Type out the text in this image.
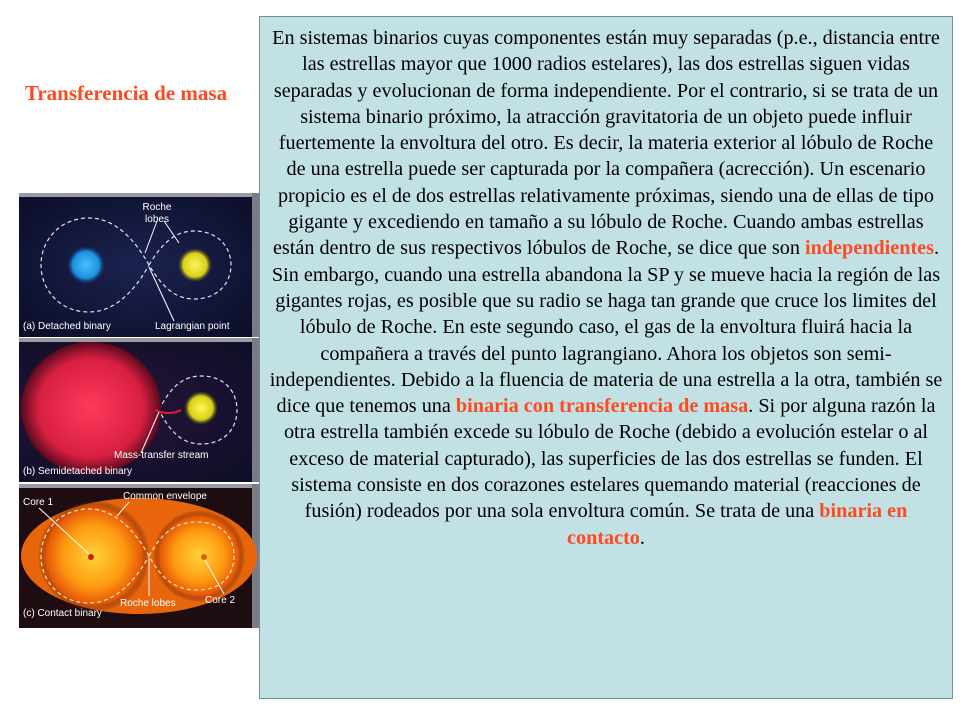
Transferencia de masa
Roche lobes
(a) Detached binary	Lagrangian point
Mass-transfer stream
(b) Semidetached binary
Core 1
Common envelope
Roche lobes	Core 2
(c) Contact binary
En sistemas binarios cuyas componentes están muy separadas (p.e., distancia entre las estrellas mayor que 1000 radios estelares), las dos estrellas siguen vidas separadas y evolucionan de forma independiente. Por el contrario, si se trata de un sistema binario próximo, la atracción gravitatoria de un objeto puede influir fuertemente la envoltura del otro. Es decir, la materia exterior al lóbulo de Roche de una estrella puede ser capturada por la compañera (acrección). Un escenario propicio es el de dos estrellas relativamente próximas, siendo una de ellas de tipo gigante y excediendo en tamaño a su lóbulo de Roche. Cuando ambas estrellas están dentro de sus respectivos lóbulos de Roche, se dice que son independientes. Sin embargo, cuando una estrella abandona la SP y se mueve hacia la región de las gigantes rojas, es posible que su radio se haga tan grande que cruce los limites del lóbulo de Roche. En este segundo caso, el gas de la envoltura fluirá hacia la compañera a través del punto lagrangiano. Ahora los objetos son semi-independientes. Debido a la fluencia de materia de una estrella a la otra, también se dice que tenemos una binaria con transferencia de masa. Si por alguna razón la otra estrella también excede su lóbulo de Roche (debido a evolución estelar o al exceso de material capturado), las superficies de las dos estrellas se funden. El sistema consiste en dos corazones estelares quemando material (reacciones de fusión) rodeados por una sola envoltura común. Se trata de una binaria en contacto.
